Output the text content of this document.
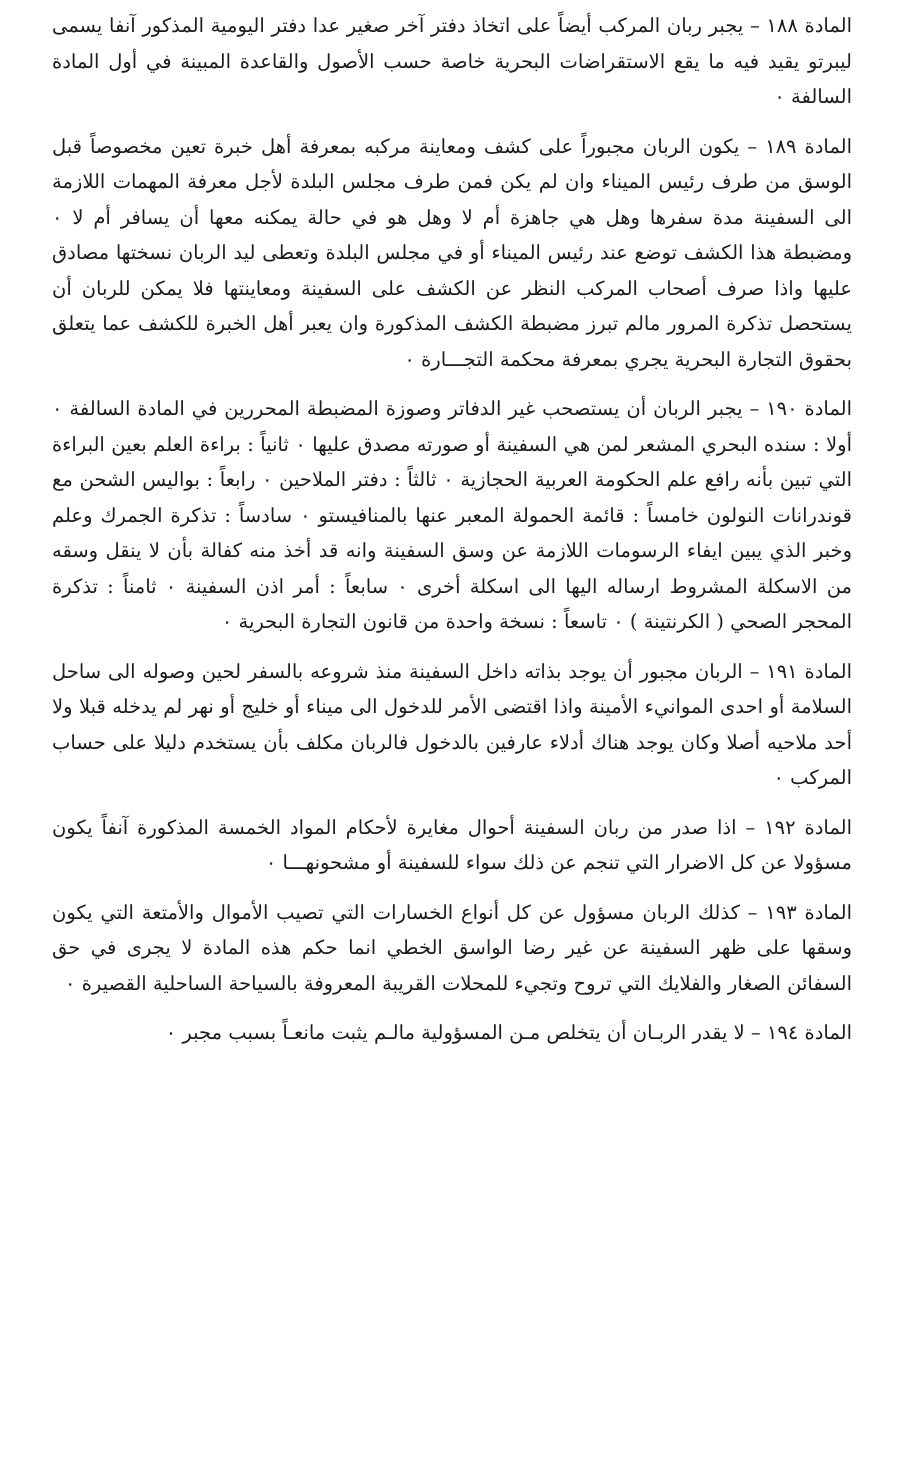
المادة ١٨٨ – يجبر ربان المركب أيضاً على اتخاذ دفتر آخر صغير عدا دفتر اليومية المذكور آنفا يسمى ليبرتو يقيد فيه ما يقع الاستقراضات البحرية خاصة حسب الأصول والقاعدة المبينة في أول المادة السالفة ٠

المادة ١٨٩ – يكون الربان مجبوراً على كشف ومعاينة مركبه بمعرفة أهل خبرة تعين مخصوصاً قبل الوسق من طرف رئيس الميناء وان لم يكن فمن طرف مجلس البلدة لأجل معرفة المهمات اللازمة الى السفينة مدة سفرها وهل هي جاهزة أم لا وهل هو في حالة يمكنه معها أن يسافر أم لا ٠ ومضبطة هذا الكشف توضع عند رئيس الميناء أو في مجلس البلدة وتعطى ليد الربان نسختها مصادق عليها واذا صرف أصحاب المركب النظر عن الكشف على السفينة ومعاينتها فلا يمكن للربان أن يستحصل تذكرة المرور مالم تبرز مضبطة الكشف المذكورة وان يعبر أهل الخبرة للكشف عما يتعلق بحقوق التجارة البحرية يجري بمعرفة محكمة التجـــارة ٠

المادة ١٩٠ – يجبر الربان أن يستصحب غير الدفاتر وصوزة المضبطة المحررين في المادة السالفة ٠ أولا : سنده البحري المشعر لمن هي السفينة أو صورته مصدق عليها ٠ ثانياً : براءة العلم بعين البراءة التي تبين بأنه رافع علم الحكومة العربية الحجازية ٠ ثالثاً : دفتر الملاحين ٠ رابعاً : بواليس الشحن مع قوندرانات النولون خامساً : قائمة الحمولة المعبر عنها بالمنافيستو ٠ سادساً : تذكرة الجمرك وعلم وخبر الذي يبين ايفاء الرسومات اللازمة عن وسق السفينة وانه قد أخذ منه كفالة بأن لا ينقل وسقه من الاسكلة المشروط ارساله اليها الى اسكلة أخرى ٠ سابعاً : أمر اذن السفينة ٠ ثامناً : تذكرة المحجر الصحي ( الكرنتينة ) ٠ تاسعاً : نسخة واحدة من قانون التجارة البحرية ٠

المادة ١٩١ – الربان مجبور أن يوجد بذاته داخل السفينة منذ شروعه بالسفر لحين وصوله الى ساحل السلامة أو احدى الموانيء الأمينة واذا اقتضى الأمر للدخول الى ميناء أو خليج أو نهر لم يدخله قبلا ولا أحد ملاحيه أصلا وكان يوجد هناك أدلاء عارفين بالدخول فالربان مكلف بأن يستخدم دليلا على حساب المركب ٠

المادة ١٩٢ – اذا صدر من ربان السفينة أحوال مغايرة لأحكام المواد الخمسة المذكورة آنفاً يكون مسؤولا عن كل الاضرار التي تنجم عن ذلك سواء للسفينة أو مشحونهـــا ٠

المادة ١٩٣ – كذلك الربان مسؤول عن كل أنواع الخسارات التي تصيب الأموال والأمتعة التي يكون وسقها على ظهر السفينة عن غير رضا الواسق الخطي انما حكم هذه المادة لا يجرى في حق السفائن الصغار والفلايك التي تروح وتجيء للمحلات القريبة المعروفة بالسياحة الساحلية القصيرة ٠

المادة ١٩٤ – لا يقدر الربـان أن يتخلص مـن المسؤولية مالـم يثبت مانعـاً بسبب مجبر ٠
